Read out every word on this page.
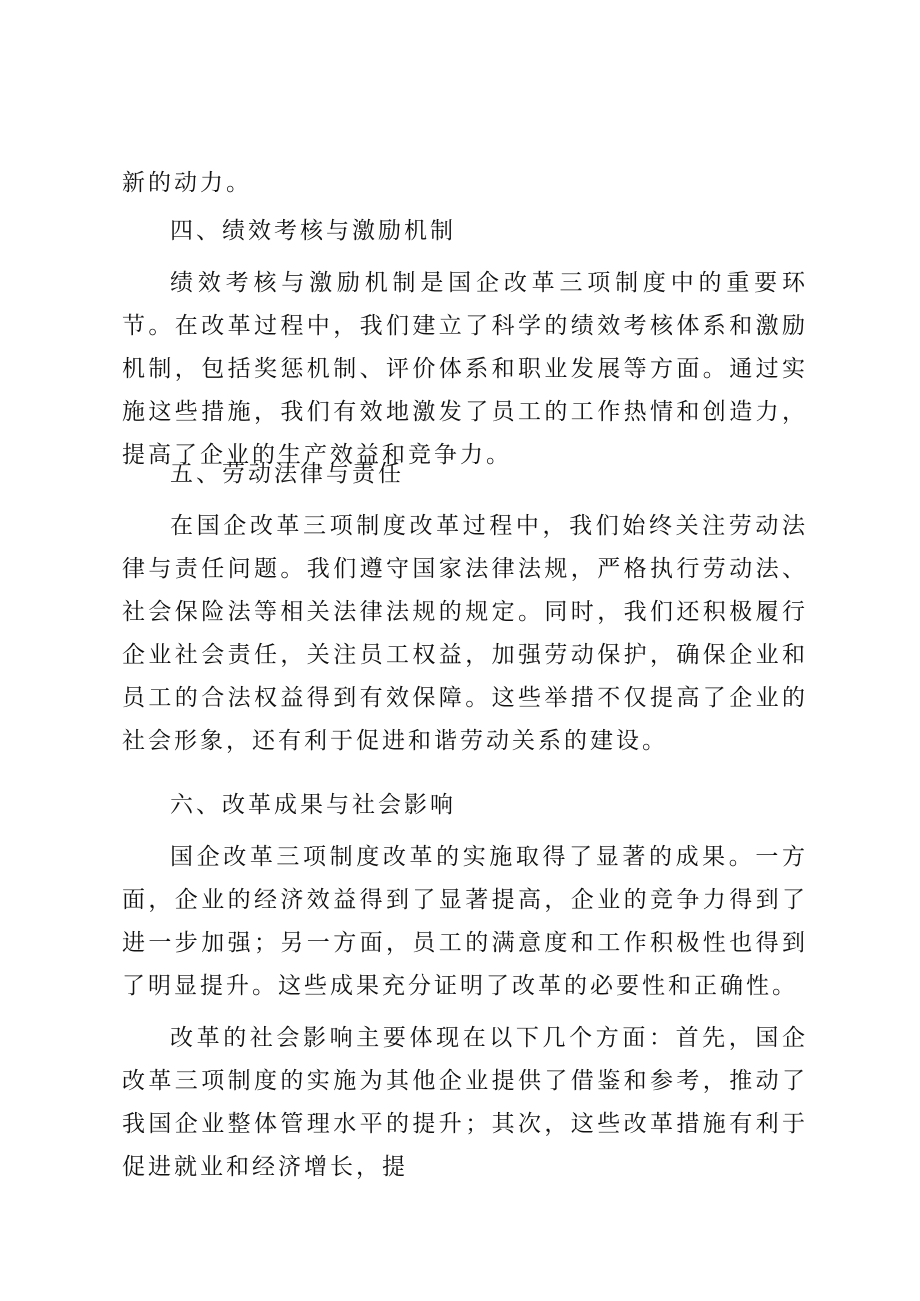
新的动力。

四、绩效考核与激励机制

绩效考核与激励机制是国企改革三项制度中的重要环节。在改革过程中，我们建立了科学的绩效考核体系和激励机制，包括奖惩机制、评价体系和职业发展等方面。通过实施这些措施，我们有效地激发了员工的工作热情和创造力，提高了企业的生产效益和竞争力。

五、劳动法律与责任

在国企改革三项制度改革过程中，我们始终关注劳动法律与责任问题。我们遵守国家法律法规，严格执行劳动法、社会保险法等相关法律法规的规定。同时，我们还积极履行企业社会责任，关注员工权益，加强劳动保护，确保企业和员工的合法权益得到有效保障。这些举措不仅提高了企业的社会形象，还有利于促进和谐劳动关系的建设。

六、改革成果与社会影响

国企改革三项制度改革的实施取得了显著的成果。一方面，企业的经济效益得到了显著提高，企业的竞争力得到了进一步加强；另一方面，员工的满意度和工作积极性也得到了明显提升。这些成果充分证明了改革的必要性和正确性。

改革的社会影响主要体现在以下几个方面：首先，国企改革三项制度的实施为其他企业提供了借鉴和参考，推动了我国企业整体管理水平的提升；其次，这些改革措施有利于促进就业和经济增长，提
